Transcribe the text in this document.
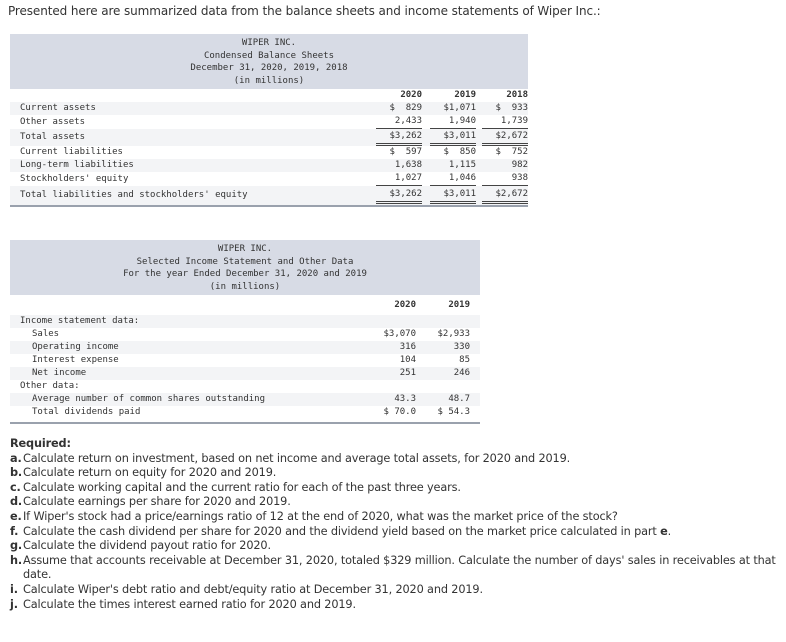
Presented here are summarized data from the balance sheets and income statements of Wiper Inc.:
WIPER INC.
Condensed Balance Sheets
December 31, 2020, 2019, 2018
(in millions)
	2020	2019	2018
Current assets	$  829	$1,071	$  933
Other assets	2,433	1,940	1,739
Total assets	$3,262	$3,011	$2,672
Current liabilities	$  597	$  850	$  752
Long-term liabilities	1,638	1,115	982
Stockholders' equity	1,027	1,046	938
Total liabilities and stockholders' equity	$3,262	$3,011	$2,672
WIPER INC.
Selected Income Statement and Other Data
For the year Ended December 31, 2020 and 2019
(in millions)
	2020	2019	
Income statement data:			
Sales	$3,070	$2,933	
Operating income	316	330	
Interest expense	104	85	
Net income	251	246	
Other data:			
Average number of common shares outstanding	43.3	48.7	
Total dividends paid	$ 70.0	$ 54.3	
Required:
a. Calculate return on investment, based on net income and average total assets, for 2020 and 2019.
b. Calculate return on equity for 2020 and 2019.
c. Calculate working capital and the current ratio for each of the past three years.
d. Calculate earnings per share for 2020 and 2019.
e. If Wiper's stock had a price/earnings ratio of 12 at the end of 2020, what was the market price of the stock?
f. Calculate the cash dividend per share for 2020 and the dividend yield based on the market price calculated in part e.
g. Calculate the dividend payout ratio for 2020.
h. Assume that accounts receivable at December 31, 2020, totaled $329 million. Calculate the number of days' sales in receivables at that date.
i. Calculate Wiper's debt ratio and debt/equity ratio at December 31, 2020 and 2019.
j. Calculate the times interest earned ratio for 2020 and 2019.
